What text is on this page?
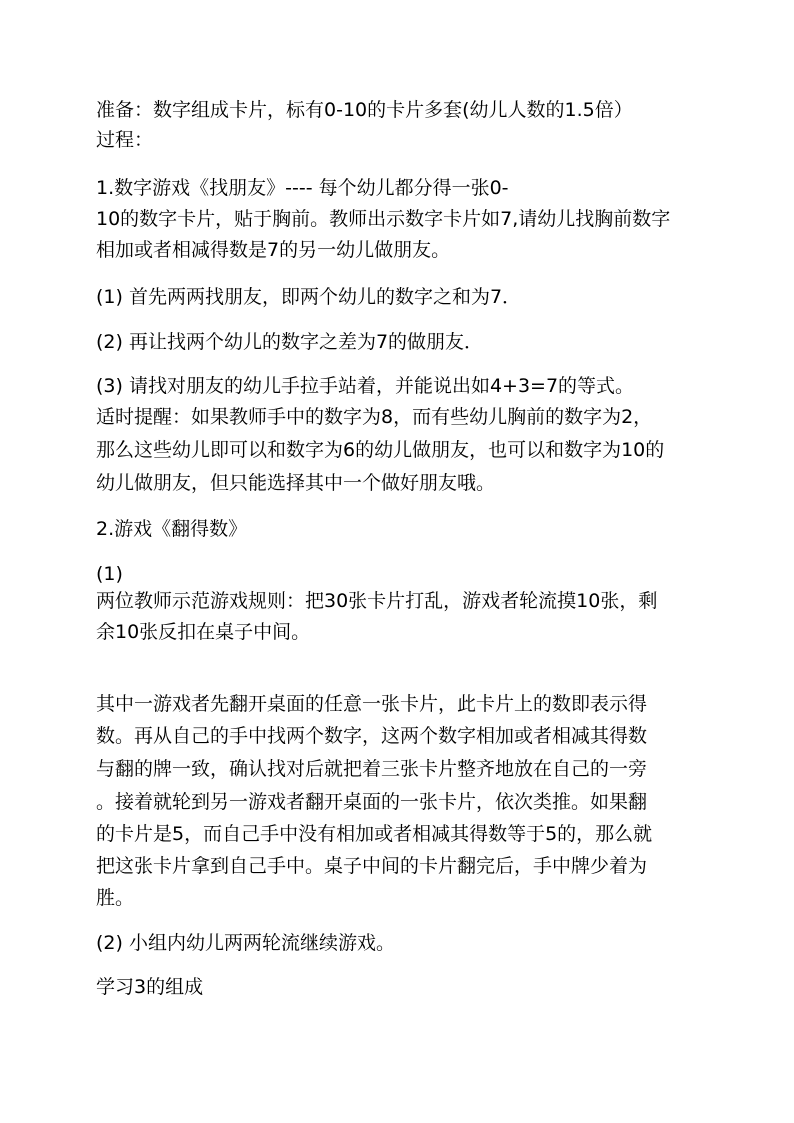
准备：数字组成卡片，标有0-10的卡片多套(幼儿人数的1.5倍）
过程：
1.数字游戏《找朋友》---- 每个幼儿都分得一张0-
10的数字卡片，贴于胸前。教师出示数字卡片如7,请幼儿找胸前数字
相加或者相减得数是7的另一幼儿做朋友。
(1) 首先两两找朋友，即两个幼儿的数字之和为7．
(2) 再让找两个幼儿的数字之差为7的做朋友．
(3) 请找对朋友的幼儿手拉手站着，并能说出如4+3=7的等式。
适时提醒：如果教师手中的数字为8，而有些幼儿胸前的数字为2，
那么这些幼儿即可以和数字为6的幼儿做朋友，也可以和数字为10的
幼儿做朋友，但只能选择其中一个做好朋友哦。
2.游戏《翻得数》
(1)
两位教师示范游戏规则：把30张卡片打乱，游戏者轮流摸10张，剩
余10张反扣在桌子中间。
其中一游戏者先翻开桌面的任意一张卡片，此卡片上的数即表示得
数。再从自己的手中找两个数字，这两个数字相加或者相减其得数
与翻的牌一致，确认找对后就把着三张卡片整齐地放在自己的一旁
。接着就轮到另一游戏者翻开桌面的一张卡片，依次类推。如果翻
的卡片是5，而自己手中没有相加或者相减其得数等于5的，那么就
把这张卡片拿到自己手中。桌子中间的卡片翻完后，手中牌少着为
胜。
(2) 小组内幼儿两两轮流继续游戏。
学习3的组成
